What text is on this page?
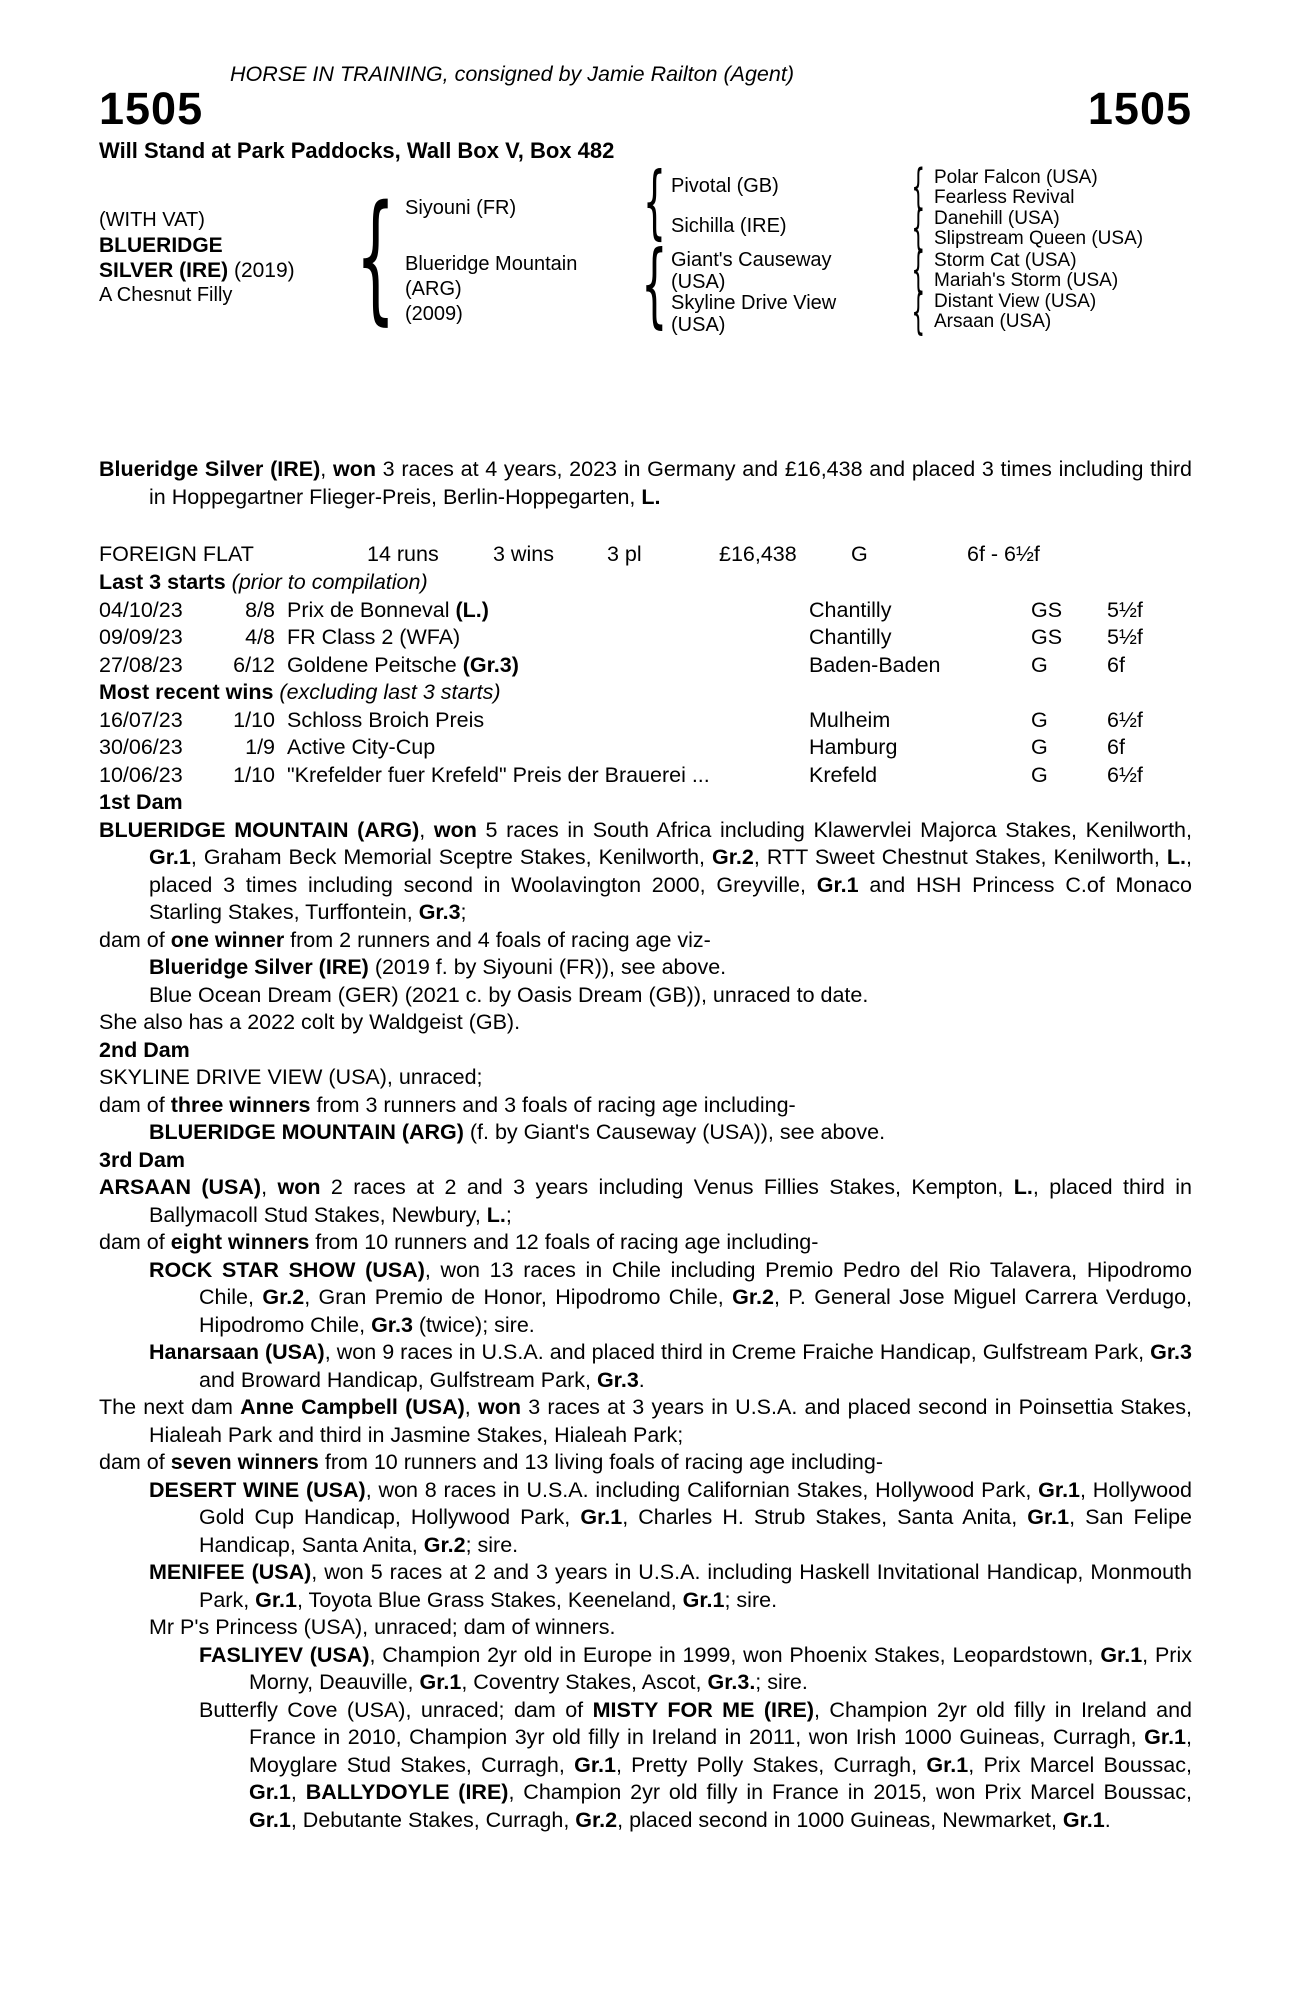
HORSE IN TRAINING, consigned by Jamie Railton (Agent)
1505	1505
Will Stand at Park Paddocks, Wall Box V, Box 482
(WITH VAT)
BLUERIDGE
SILVER (IRE) (2019)
A Chesnut Filly { Siyouni (FR)
Blueridge Mountain
(ARG)
(2009)
{
{
Pivotal (GB)
Sichilla (IRE)
Giant's Causeway
(USA)
Skyline Drive View
(USA)
{
{
{
{
Polar Falcon (USA)
Fearless Revival
Danehill (USA)
Slipstream Queen (USA)
Storm Cat (USA)
Mariah's Storm (USA)
Distant View (USA)
Arsaan (USA)

Blueridge Silver (IRE), won 3 races at 4 years, 2023 in Germany and £16,438 and placed 3 times including third in Hoppegartner Flieger-Preis, Berlin-Hoppegarten, L.

FOREIGN FLAT	14 runs	3 wins 3 pl	£16,438	G	6f - 6½f

Last 3 starts (prior to compilation)

04/10/23	8/8 Prix de Bonneval (L.)	Chantilly	GS 5½f
09/09/23	4/8 FR Class 2 (WFA)	Chantilly	GS 5½f
27/08/23	6/12 Goldene Peitsche (Gr.3)	Baden-Baden	G	6f

Most recent wins (excluding last 3 starts)

16/07/23	1/10 Schloss Broich Preis	Mulheim	G	6½f
30/06/23	1/9 Active City-Cup	Hamburg	G	6f
10/06/23	1/10 "Krefelder fuer Krefeld" Preis der Brauerei ...	Krefeld	G	6½f

1st Dam

BLUERIDGE MOUNTAIN (ARG), won 5 races in South Africa including Klawervlei Majorca Stakes, Kenilworth, Gr.1, Graham Beck Memorial Sceptre Stakes, Kenilworth, Gr.2, RTT Sweet Chestnut Stakes, Kenilworth, L., placed 3 times including second in Woolavington 2000, Greyville, Gr.1 and HSH Princess C.of Monaco Starling Stakes, Turffontein, Gr.3;

dam of one winner from 2 runners and 4 foals of racing age viz-

Blueridge Silver (IRE) (2019 f. by Siyouni (FR)), see above.

Blue Ocean Dream (GER) (2021 c. by Oasis Dream (GB)), unraced to date.

She also has a 2022 colt by Waldgeist (GB).

2nd Dam

SKYLINE DRIVE VIEW (USA), unraced;

dam of three winners from 3 runners and 3 foals of racing age including-

BLUERIDGE MOUNTAIN (ARG) (f. by Giant's Causeway (USA)), see above.

3rd Dam

ARSAAN (USA), won 2 races at 2 and 3 years including Venus Fillies Stakes, Kempton, L., placed third in Ballymacoll Stud Stakes, Newbury, L.;

dam of eight winners from 10 runners and 12 foals of racing age including-

ROCK STAR SHOW (USA), won 13 races in Chile including Premio Pedro del Rio Talavera, Hipodromo Chile, Gr.2, Gran Premio de Honor, Hipodromo Chile, Gr.2, P. General Jose Miguel Carrera Verdugo, Hipodromo Chile, Gr.3 (twice); sire.

Hanarsaan (USA), won 9 races in U.S.A. and placed third in Creme Fraiche Handicap, Gulfstream Park, Gr.3 and Broward Handicap, Gulfstream Park, Gr.3.

The next dam Anne Campbell (USA), won 3 races at 3 years in U.S.A. and placed second in Poinsettia Stakes, Hialeah Park and third in Jasmine Stakes, Hialeah Park;

dam of seven winners from 10 runners and 13 living foals of racing age including-

DESERT WINE (USA), won 8 races in U.S.A. including Californian Stakes, Hollywood Park, Gr.1, Hollywood Gold Cup Handicap, Hollywood Park, Gr.1, Charles H. Strub Stakes, Santa Anita, Gr.1, San Felipe Handicap, Santa Anita, Gr.2; sire.

MENIFEE (USA), won 5 races at 2 and 3 years in U.S.A. including Haskell Invitational Handicap, Monmouth Park, Gr.1, Toyota Blue Grass Stakes, Keeneland, Gr.1; sire.

Mr P's Princess (USA), unraced; dam of winners.

FASLIYEV (USA), Champion 2yr old in Europe in 1999, won Phoenix Stakes, Leopardstown, Gr.1, Prix Morny, Deauville, Gr.1, Coventry Stakes, Ascot, Gr.3.; sire.

Butterfly Cove (USA), unraced; dam of MISTY FOR ME (IRE), Champion 2yr old filly in Ireland and France in 2010, Champion 3yr old filly in Ireland in 2011, won Irish 1000 Guineas, Curragh, Gr.1, Moyglare Stud Stakes, Curragh, Gr.1, Pretty Polly Stakes, Curragh, Gr.1, Prix Marcel Boussac, Gr.1, BALLYDOYLE (IRE), Champion 2yr old filly in France in 2015, won Prix Marcel Boussac, Gr.1, Debutante Stakes, Curragh, Gr.2, placed second in 1000 Guineas, Newmarket, Gr.1.
